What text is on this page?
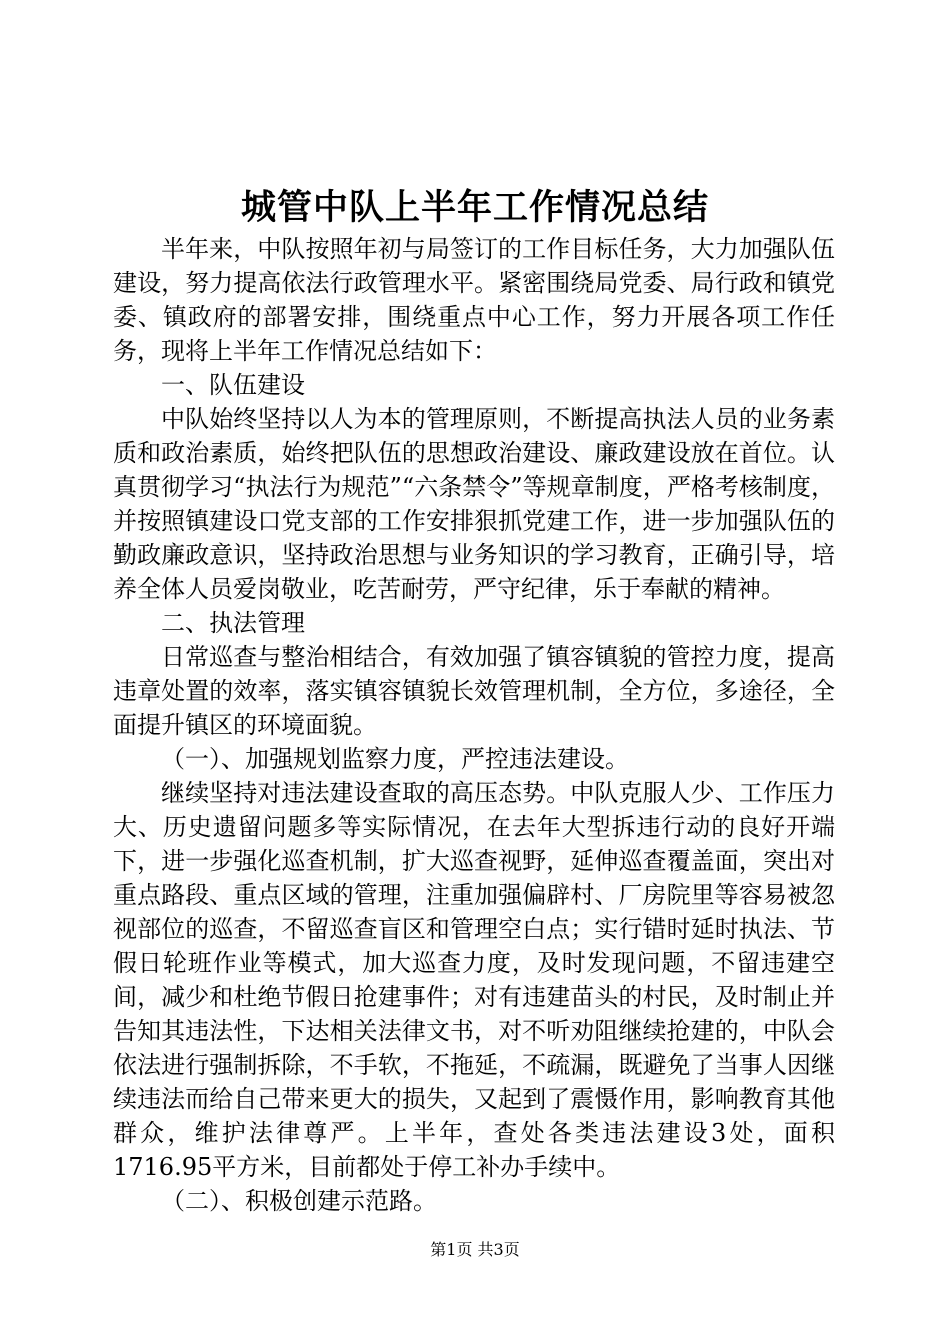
城管中队上半年工作情况总结

半年来，中队按照年初与局签订的工作目标任务，大力加强队伍建设，努力提高依法行政管理水平。紧密围绕局党委、局行政和镇党委、镇政府的部署安排，围绕重点中心工作，努力开展各项工作任务，现将上半年工作情况总结如下：

一、队伍建设

中队始终坚持以人为本的管理原则，不断提高执法人员的业务素质和政治素质，始终把队伍的思想政治建设、廉政建设放在首位。认真贯彻学习“执法行为规范”“六条禁令”等规章制度，严格考核制度，并按照镇建设口党支部的工作安排狠抓党建工作，进一步加强队伍的勤政廉政意识，坚持政治思想与业务知识的学习教育，正确引导，培养全体人员爱岗敬业，吃苦耐劳，严守纪律，乐于奉献的精神。

二、执法管理

日常巡查与整治相结合，有效加强了镇容镇貌的管控力度，提高违章处置的效率，落实镇容镇貌长效管理机制，全方位，多途径，全面提升镇区的环境面貌。

（一）、加强规划监察力度，严控违法建设。

继续坚持对违法建设查取的高压态势。中队克服人少、工作压力大、历史遗留问题多等实际情况，在去年大型拆违行动的良好开端下，进一步强化巡查机制，扩大巡查视野，延伸巡查覆盖面，突出对重点路段、重点区域的管理，注重加强偏辟村、厂房院里等容易被忽视部位的巡查，不留巡查盲区和管理空白点；实行错时延时执法、节假日轮班作业等模式，加大巡查力度，及时发现问题，不留违建空间，减少和杜绝节假日抢建事件；对有违建苗头的村民，及时制止并告知其违法性，下达相关法律文书，对不听劝阻继续抢建的，中队会依法进行强制拆除，不手软，不拖延，不疏漏，既避免了当事人因继续违法而给自己带来更大的损失，又起到了震慑作用，影响教育其他群众，维护法律尊严。上半年，查处各类违法建设3处，面积1716.95平方米，目前都处于停工补办手续中。

（二）、积极创建示范路。

第1页 共3页
